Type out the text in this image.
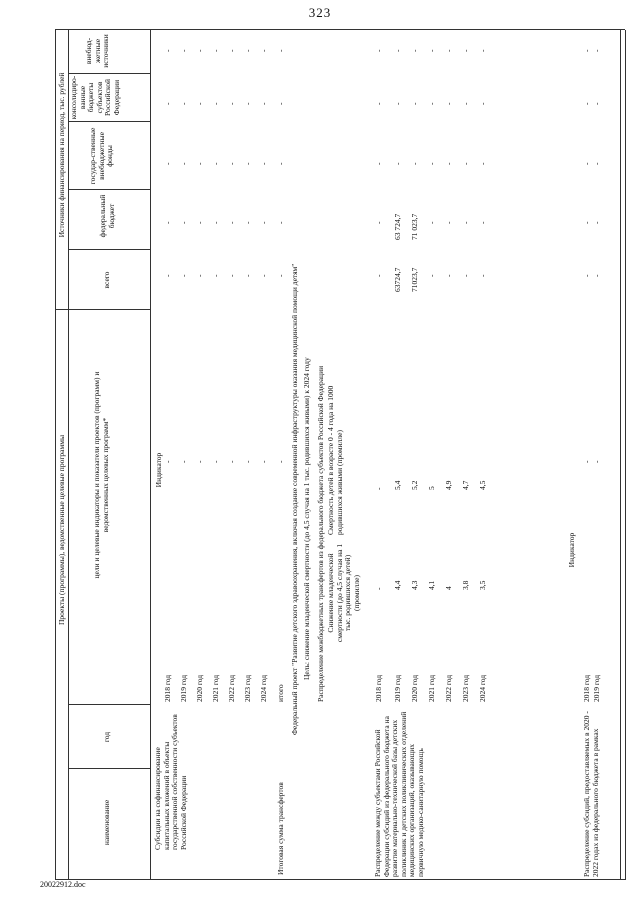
323
Проекты (программы), ведомственные целевые программы
Источники финансирования на период, тыс. рублей
наименование
год
цели и целевые индикаторы и показатели проектов (программ) и ведомственных целевых программ*
всего
федеральный бюджет
государ-ственные внебюджетные фонды
консолидиро-ванные бюджеты субъектов Российской Федерации
внебюд-жетные источники
Индикатор
Субсидии на софинансирование капитальных вложений в объекты государственной собственности субъектов Российской Федерации
2018 год
-
-
-
-
-
-
2019 год
-
-
-
-
-
-
2020 год
-
-
-
-
-
-
2021 год
-
-
-
-
-
-
2022 год
-
-
-
-
-
-
2023 год
-
-
-
-
-
-
2024 год
-
-
-
-
-
-
Итоговая сумма трансфертов
итого
-
-
-
-
-
-
Федеральный проект "Развитие детского здравоохранения, включая создание современной инфраструктуры оказания медицинской помощи детям" Цель: снижение младенческой смертности (до 4,5 случая на 1 тыс. родившихся живыми) к 2024 году Распределение межбюджетных трансфертов из федерального бюджета субъектов Российской Федерации Снижение младенческой смертности (до 4,5 случая на 1 тыс. родившихся детей) (промилле)
Смертность детей в возрасте 0 - 4 года на 1000 родившихся живыми (промилле)
Распределение между субъектами Российской Федерации субсидий из федерального бюджета на развитие материально-технической базы детских поликлиник и детских поликлинических отделений медицинских организаций, оказывающих первичную медико-санитарную помощь
2018 год
-
-
-
-
-
-
-
2019 год
4,4
5,4
63724,7
63 724,7
-
-
-
2020 год
4,3
5,2
71023,7
71 023,7
-
-
-
2021 год
4,1
5
-
-
-
-
-
2022 год
4
4,9
-
-
-
-
-
2023 год
3,8
4,7
-
-
-
-
-
2024 год
3,5
4,5
-
-
-
-
-
Индикатор
Распределение субсидий, предоставляемых в 2020 - 2022 годах из федерального бюджета в рамках
2018 год
-
-
-
-
-
-
2019 год
-
-
-
-
-
-
20022912.doc
